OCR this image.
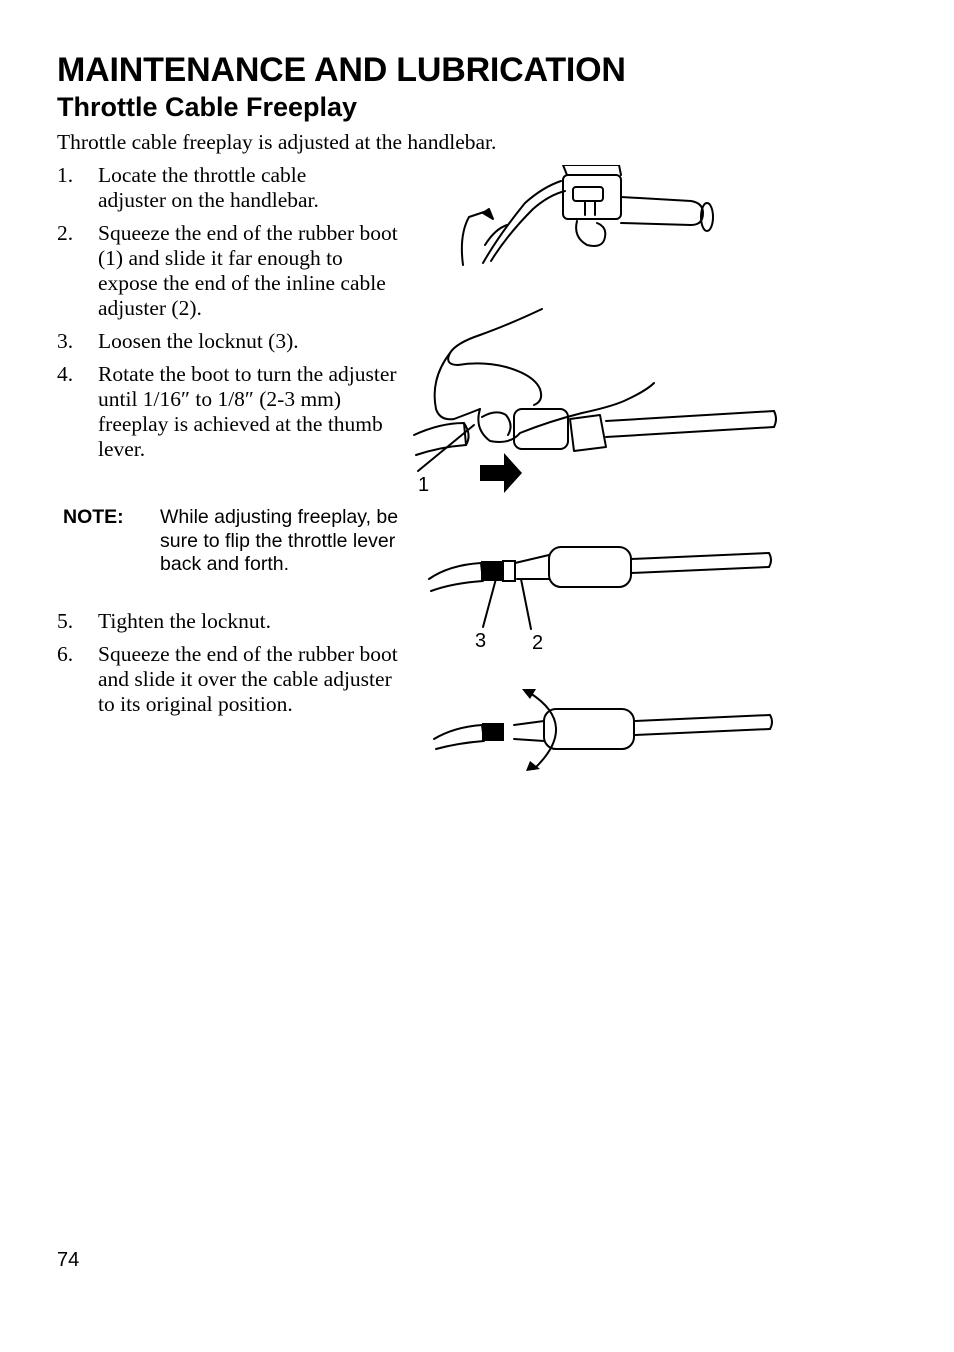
MAINTENANCE AND LUBRICATION
Throttle Cable Freeplay

Throttle cable freeplay is adjusted at the handlebar.

1.	Locate the throttle cable adjuster on the handlebar.
2.	Squeeze the end of the rubber boot (1) and slide it far enough to expose the end of the inline cable adjuster (2).
3.	Loosen the locknut (3).
4.	Rotate the boot to turn the adjuster until 1/16″ to 1/8″ (2-3 mm) freeplay is achieved at the thumb lever.
NOTE:	While adjusting freeplay, be sure to flip the throttle lever back and forth.
5.	Tighten the locknut.
6.	Squeeze the end of the rubber boot and slide it over the cable adjuster to its original position.
1
3 2

74
